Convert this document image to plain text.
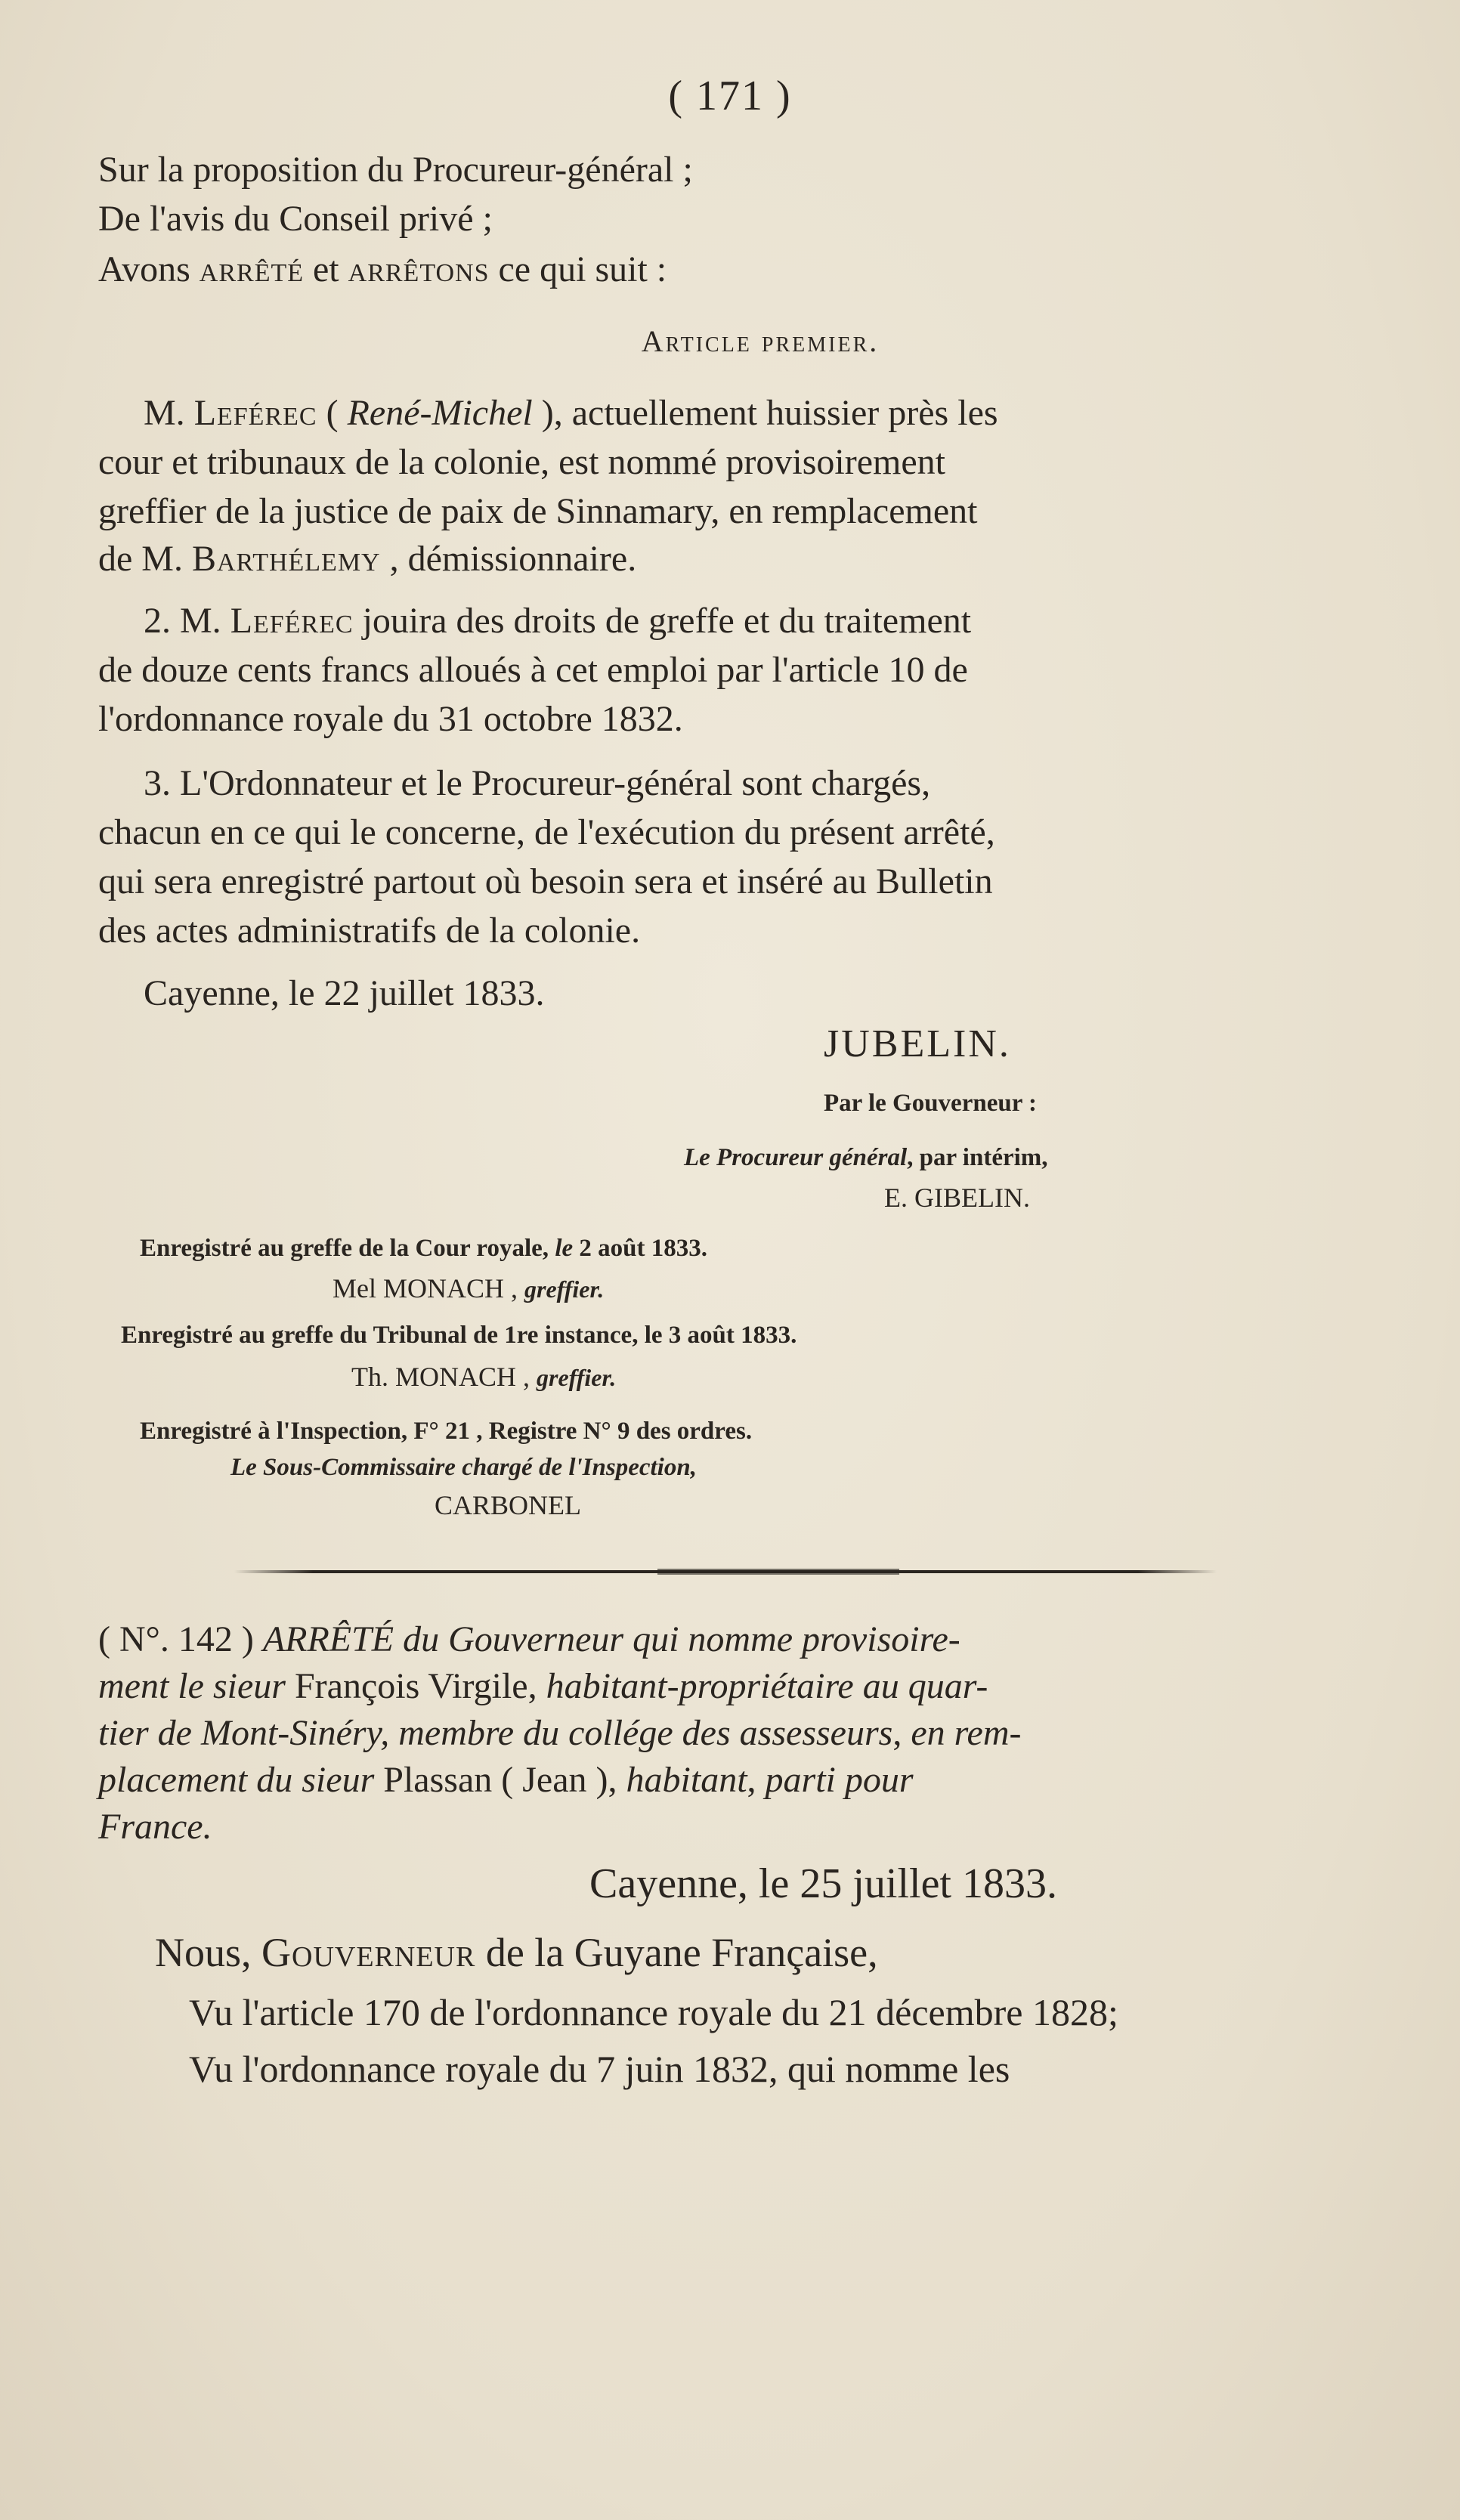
( 171 )
Sur la proposition du Procureur-général ;
De l'avis du Conseil privé ;
Avons arrêté et arrêtons ce qui suit :
Article premier.
M. Leférec ( René-Michel ), actuellement huissier près les
cour et tribunaux de la colonie, est nommé provisoirement
greffier de la justice de paix de Sinnamary, en remplacement
de M. Barthélemy , démissionnaire.
2. M. Leférec jouira des droits de greffe et du traitement
de douze cents francs alloués à cet emploi par l'article 10 de
l'ordonnance royale du 31 octobre 1832.
3. L'Ordonnateur et le Procureur-général sont chargés,
chacun en ce qui le concerne, de l'exécution du présent arrêté,
qui sera enregistré partout où besoin sera et inséré au Bulletin
des actes administratifs de la colonie.
Cayenne, le 22 juillet 1833.
JUBELIN.
Par le Gouverneur :
Le Procureur général, par intérim,
E. GIBELIN.
Enregistré au greffe de la Cour royale, le 2 août 1833.
Mel MONACH , greffier.
Enregistré au greffe du Tribunal de 1re instance, le 3 août 1833.
Th. MONACH , greffier.
Enregistré à l'Inspection, F° 21 , Registre N° 9 des ordres.
Le Sous-Commissaire chargé de l'Inspection,
CARBONEL
( N°. 142 ) ARRÊTÉ du Gouverneur qui nomme provisoire-
ment le sieur François Virgile, habitant-propriétaire au quar-
tier de Mont-Sinéry, membre du collége des assesseurs, en rem-
placement du sieur Plassan ( Jean ), habitant, parti pour
France.
Cayenne, le 25 juillet 1833.
Nous, Gouverneur de la Guyane Française,
Vu l'article 170 de l'ordonnance royale du 21 décembre 1828;
Vu l'ordonnance royale du 7 juin 1832, qui nomme les
